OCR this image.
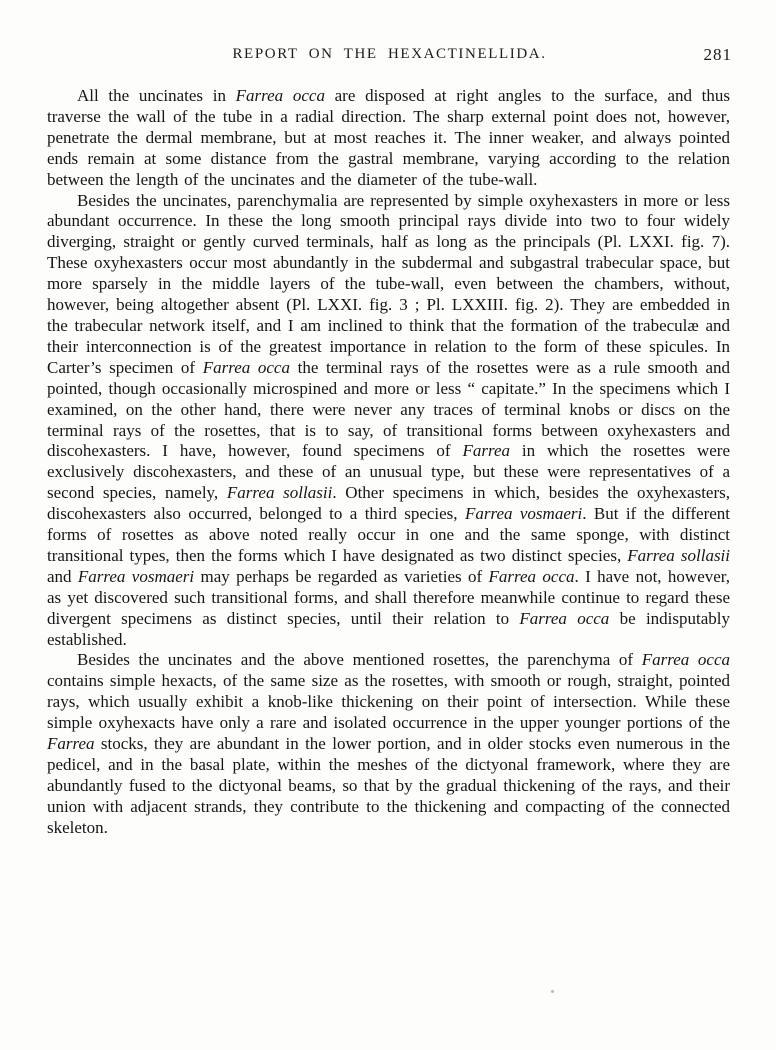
REPORT ON THE HEXACTINELLIDA.	281

All the uncinates in Farrea occa are disposed at right angles to the surface, and thus traverse the wall of the tube in a radial direction. The sharp external point does not, however, penetrate the dermal membrane, but at most reaches it. The inner weaker, and always pointed ends remain at some distance from the gastral membrane, varying according to the relation between the length of the uncinates and the diameter of the tube-wall.

Besides the uncinates, parenchymalia are represented by simple oxyhexasters in more or less abundant occurrence. In these the long smooth principal rays divide into two to four widely diverging, straight or gently curved terminals, half as long as the principals (Pl. LXXI. fig. 7). These oxyhexasters occur most abundantly in the subdermal and subgastral trabecular space, but more sparsely in the middle layers of the tube-wall, even between the chambers, without, however, being altogether absent (Pl. LXXI. fig. 3 ; Pl. LXXIII. fig. 2). They are embedded in the trabecular network itself, and I am inclined to think that the formation of the trabeculæ and their interconnection is of the greatest importance in relation to the form of these spicules. In Carter’s specimen of Farrea occa the terminal rays of the rosettes were as a rule smooth and pointed, though occasionally microspined and more or less “ capitate.” In the specimens which I examined, on the other hand, there were never any traces of terminal knobs or discs on the terminal rays of the rosettes, that is to say, of transitional forms between oxyhexasters and discohexasters. I have, however, found specimens of Farrea in which the rosettes were exclusively discohexasters, and these of an unusual type, but these were representatives of a second species, namely, Farrea sollasii. Other specimens in which, besides the oxyhexasters, discohexasters also occurred, belonged to a third species, Farrea vosmaeri. But if the different forms of rosettes as above noted really occur in one and the same sponge, with distinct transitional types, then the forms which I have designated as two distinct species, Farrea sollasii and Farrea vosmaeri may perhaps be regarded as varieties of Farrea occa. I have not, however, as yet discovered such transitional forms, and shall therefore meanwhile continue to regard these divergent specimens as distinct species, until their relation to Farrea occa be indisputably established.

Besides the uncinates and the above mentioned rosettes, the parenchyma of Farrea occa contains simple hexacts, of the same size as the rosettes, with smooth or rough, straight, pointed rays, which usually exhibit a knob-like thickening on their point of intersection. While these simple oxyhexacts have only a rare and isolated occurrence in the upper younger portions of the Farrea stocks, they are abundant in the lower portion, and in older stocks even numerous in the pedicel, and in the basal plate, within the meshes of the dictyonal framework, where they are abundantly fused to the dictyonal beams, so that by the gradual thickening of the rays, and their union with adjacent strands, they contribute to the thickening and compacting of the connected skeleton.
